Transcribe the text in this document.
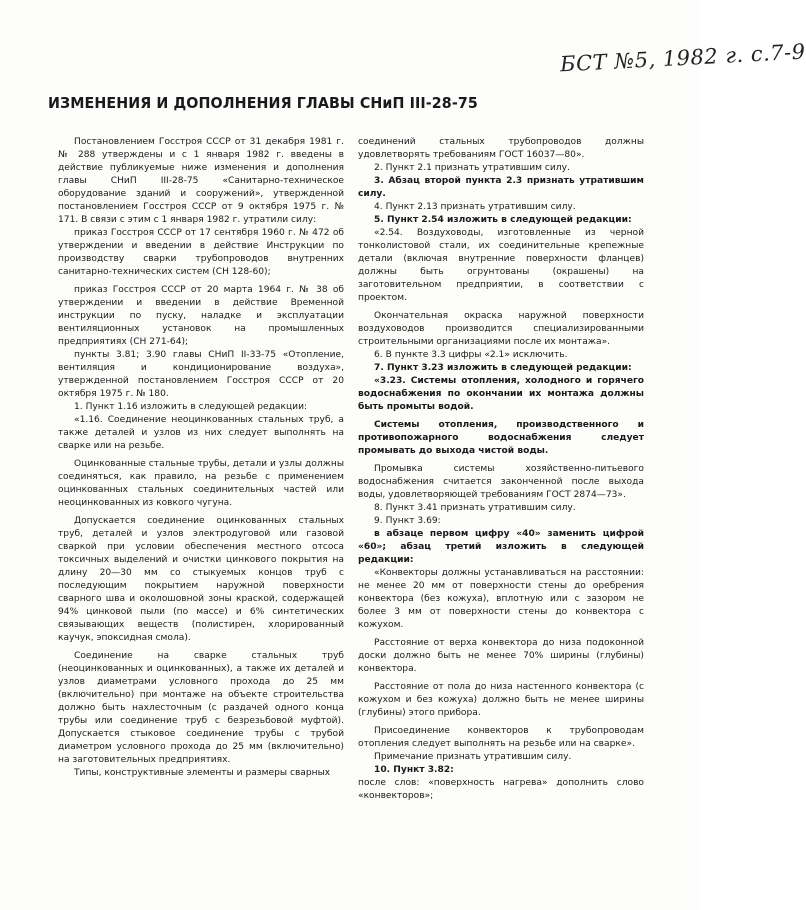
БСТ №5, 1982 г. с.7-9
ИЗМЕНЕНИЯ И ДОПОЛНЕНИЯ ГЛАВЫ СНиП III-28-75

Постановлением Госстроя СССР от 31 декабря 1981 г. № 288 утверждены и с 1 января 1982 г. введены в действие публикуемые ниже изменения и дополнения главы СНиП III-28-75 «Санитарно-техническое оборудование зданий и сооружений», утвержденной постановлением Госстроя СССР от 9 октября 1975 г. № 171. В связи с этим с 1 января 1982 г. утратили силу:

приказ Госстроя СССР от 17 сентября 1960 г. № 472 об утверждении и введении в действие Инструкции по производству сварки трубопроводов внутренних санитарно-технических систем (СН 128-60);

приказ Госстроя СССР от 20 марта 1964 г. № 38 об утверждении и введении в действие Временной инструкции по пуску, наладке и эксплуатации вентиляционных установок на промышленных предприятиях (СН 271-64);

пункты 3.81; 3.90 главы СНиП II-33-75 «Отопление, вентиляция и кондиционирование воздуха», утвержденной постановлением Госстроя СССР от 20 октября 1975 г. № 180.

1. Пункт 1.16 изложить в следующей редакции:

«1.16. Соединение неоцинкованных стальных труб, а также деталей и узлов из них следует выполнять на сварке или на резьбе.

Оцинкованные стальные трубы, детали и узлы должны соединяться, как правило, на резьбе с применением оцинкованных стальных соединительных частей или неоцинкованных из ковкого чугуна.

Допускается соединение оцинкованных стальных труб, деталей и узлов электродуговой или газовой сваркой при условии обеспечения местного отсоса токсичных выделений и очистки цинкового покрытия на длину 20—30 мм со стыкуемых концов труб с последующим покрытием наружной поверхности сварного шва и околошовной зоны краской, содержащей 94% цинковой пыли (по массе) и 6% синтетических связывающих веществ (полистирен, хлорированный каучук, эпоксидная смола).

Соединение на сварке стальных труб (неоцинкованных и оцинкованных), а также их деталей и узлов диаметрами условного прохода до 25 мм (включительно) при монтаже на объекте строительства должно быть нахлесточным (с раздачей одного конца трубы или соединение труб с безрезьбовой муфтой). Допускается стыковое соединение трубы с трубой диаметром условного прохода до 25 мм (включительно) на заготовительных предприятиях.

Типы, конструктивные элементы и размеры сварных

соединений стальных трубопроводов должны удовлетворять требованиям ГОСТ 16037—80».

2. Пункт 2.1 признать утратившим силу.

3. Абзац второй пункта 2.3 признать утратившим силу.

4. Пункт 2.13 признать утратившим силу.

5. Пункт 2.54 изложить в следующей редакции:

«2.54. Воздуховоды, изготовленные из черной тонколистовой стали, их соединительные крепежные детали (включая внутренние поверхности фланцев) должны быть огрунтованы (окрашены) на заготовительном предприятии, в соответствии с проектом.

Окончательная окраска наружной поверхности воздуховодов производится специализированными строительными организациями после их монтажа».

6. В пункте 3.3 цифры «2.1» исключить.

7. Пункт 3.23 изложить в следующей редакции:

«3.23. Системы отопления, холодного и горячего водоснабжения по окончании их монтажа должны быть промыты водой.

Системы отопления, производственного и противопожарного водоснабжения следует промывать до выхода чистой воды.

Промывка системы хозяйственно-питьевого водоснабжения считается законченной после выхода воды, удовлетворяющей требованиям ГОСТ 2874—73».

8. Пункт 3.41 признать утратившим силу.

9. Пункт 3.69:

в абзаце первом цифру «40» заменить цифрой «60»; абзац третий изложить в следующей редакции:

«Конвекторы должны устанавливаться на расстоянии: не менее 20 мм от поверхности стены до оребрения конвектора (без кожуха), вплотную или с зазором не более 3 мм от поверхности стены до конвектора с кожухом.

Расстояние от верха конвектора до низа подоконной доски должно быть не менее 70% ширины (глубины) конвектора.

Расстояние от пола до низа настенного конвектора (с кожухом и без кожуха) должно быть не менее ширины (глубины) этого прибора.

Присоединение конвекторов к трубопроводам отопления следует выполнять на резьбе или на сварке».

Примечание признать утратившим силу.

10. Пункт 3.82:

после слов: «поверхность нагрева» дополнить слово «конвекторов»;
